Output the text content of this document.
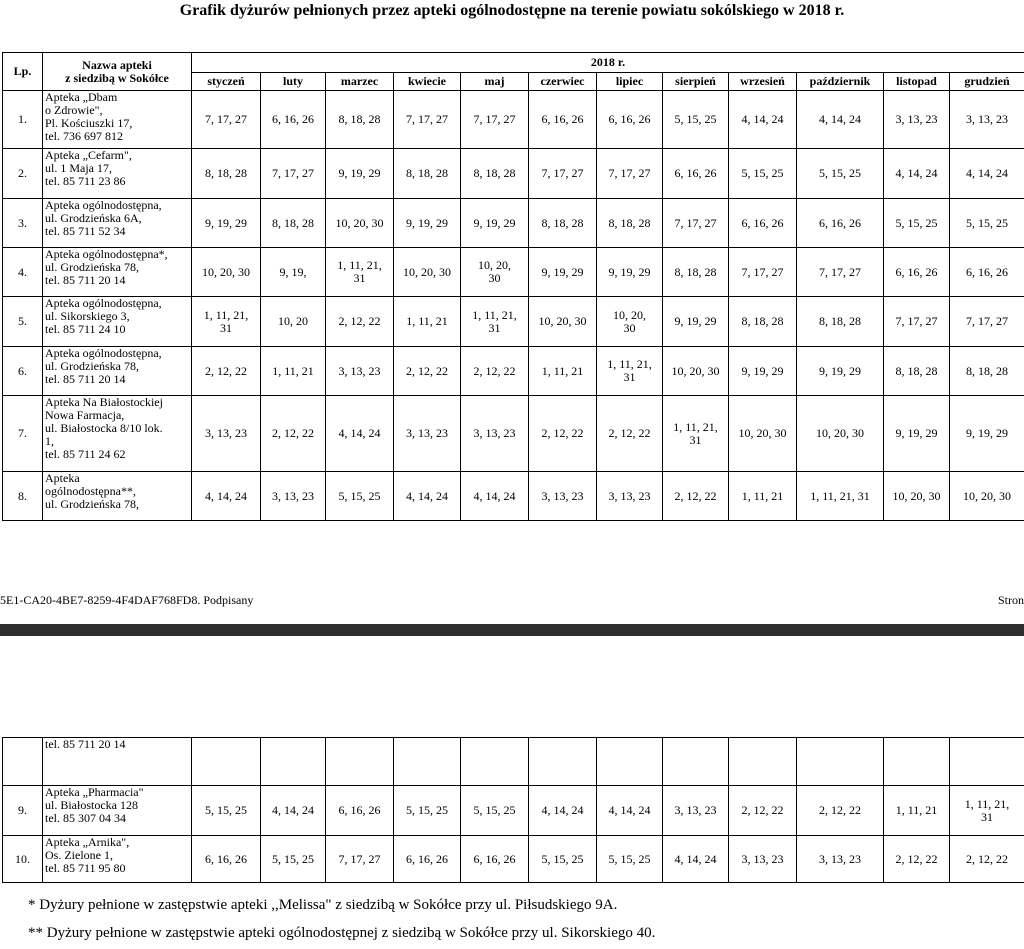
Grafik dyżurów pełnionych przez apteki ogólnodostępne na terenie powiatu sokólskiego w 2018 r.
Lp.	Nazwa apteki
z siedzibą w Sokółce	2018 r.											
		styczeń	luty	marzec	kwiecie	maj	czerwiec	lipiec	sierpień	wrzesień	październik	listopad	grudzień
1.	Apteka „Dbam
o Zdrowie",
Pl. Kościuszki 17,
tel. 736 697 812	7, 17, 27	6, 16, 26	8, 18, 28	7, 17, 27	7, 17, 27	6, 16, 26	6, 16, 26	5, 15, 25	4, 14, 24	4, 14, 24	3, 13, 23	3, 13, 23
2.	Apteka „Cefarm",
ul. 1 Maja 17,
tel. 85 711 23 86	8, 18, 28	7, 17, 27	9, 19, 29	8, 18, 28	8, 18, 28	7, 17, 27	7, 17, 27	6, 16, 26	5, 15, 25	5, 15, 25	4, 14, 24	4, 14, 24
3.	Apteka ogólnodostępna,
ul. Grodzieńska 6A,
tel. 85 711 52 34	9, 19, 29	8, 18, 28	10, 20, 30	9, 19, 29	9, 19, 29	8, 18, 28	8, 18, 28	7, 17, 27	6, 16, 26	6, 16, 26	5, 15, 25	5, 15, 25
4.	Apteka ogólnodostępna*,
ul. Grodzieńska 78,
tel. 85 711 20 14	10, 20, 30	9, 19,	1, 11, 21,
31	10, 20, 30	10, 20,
30	9, 19, 29	9, 19, 29	8, 18, 28	7, 17, 27	7, 17, 27	6, 16, 26	6, 16, 26
5.	Apteka ogólnodostępna,
ul. Sikorskiego 3,
tel. 85 711 24 10	1, 11, 21,
31	10, 20	2, 12, 22	1, 11, 21	1, 11, 21,
31	10, 20, 30	10, 20,
30	9, 19, 29	8, 18, 28	8, 18, 28	7, 17, 27	7, 17, 27
6.	Apteka ogólnodostępna,
ul. Grodzieńska 78,
tel. 85 711 20 14	2, 12, 22	1, 11, 21	3, 13, 23	2, 12, 22	2, 12, 22	1, 11, 21	1, 11, 21,
31	10, 20, 30	9, 19, 29	9, 19, 29	8, 18, 28	8, 18, 28
7.	Apteka Na Białostockiej
Nowa Farmacja,
ul. Białostocka 8/10 lok.
1,
tel. 85 711 24 62	3, 13, 23	2, 12, 22	4, 14, 24	3, 13, 23	3, 13, 23	2, 12, 22	2, 12, 22	1, 11, 21,
31	10, 20, 30	10, 20, 30	9, 19, 29	9, 19, 29
8.	Apteka
ogólnodostępna**,
ul. Grodzieńska 78,	4, 14, 24	3, 13, 23	5, 15, 25	4, 14, 24	4, 14, 24	3, 13, 23	3, 13, 23	2, 12, 22	1, 11, 21	1, 11, 21, 31	10, 20, 30	10, 20, 30
5E1-CA20-4BE7-8259-4F4DAF768FD8. Podpisany	Stron
	tel. 85 711 20 14												
9.	Apteka „Pharmacia"
ul. Białostocka 128
tel. 85 307 04 34	5, 15, 25	4, 14, 24	6, 16, 26	5, 15, 25	5, 15, 25	4, 14, 24	4, 14, 24	3, 13, 23	2, 12, 22	2, 12, 22	1, 11, 21	1, 11, 21,
31
10.	Apteka „Arnika",
Os. Zielone 1,
tel. 85 711 95 80	6, 16, 26	5, 15, 25	7, 17, 27	6, 16, 26	6, 16, 26	5, 15, 25	5, 15, 25	4, 14, 24	3, 13, 23	3, 13, 23	2, 12, 22	2, 12, 22
* Dyżury pełnione w zastępstwie apteki ,,Melissa" z siedzibą w Sokółce przy ul. Piłsudskiego 9A.
** Dyżury pełnione w zastępstwie apteki ogólnodostępnej z siedzibą w Sokółce przy ul. Sikorskiego 40.
